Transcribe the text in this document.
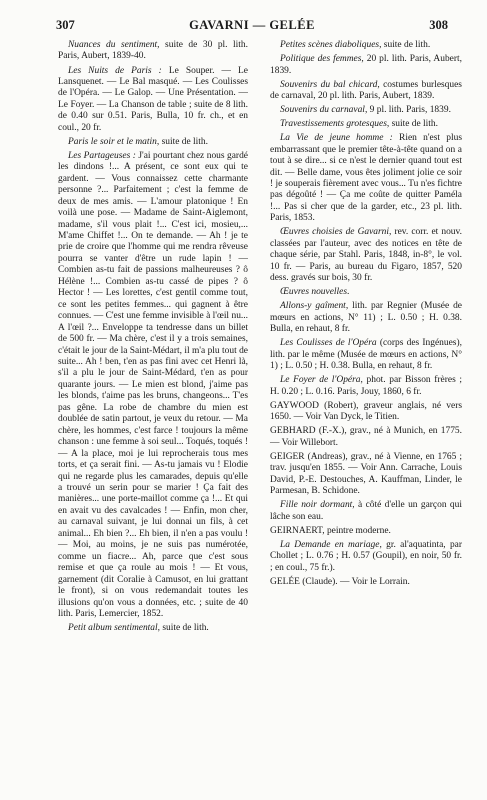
307	GAVARNI — GELÉE	308

Nuances du sentiment, suite de 30 pl. lith. Paris, Aubert, 1839-40.

Les Nuits de Paris : Le Souper. — Le Lansquenet. — Le Bal masqué. — Les Coulisses de l'Opéra. — Le Galop. — Une Présentation. — Le Foyer. — La Chanson de table ; suite de 8 lith. de 0.40 sur 0.51. Paris, Bulla, 10 fr. ch., et en coul., 20 fr.

Paris le soir et le matin, suite de lith.

Les Partageuses : J'ai pourtant chez nous gardé les dindons !... A présent, ce sont eux qui te gardent. — Vous connaissez cette charmante personne ?... Parfaitement ; c'est la femme de deux de mes amis. — L'amour platonique ! En voilà une pose. — Madame de Saint-Aiglemont, madame, s'il vous plait !... C'est ici, mosieu,... M'ame Chiffet !... On te demande. — Ah ! je te prie de croire que l'homme qui me rendra rêveuse pourra se vanter d'être un rude lapin ! — Combien as-tu fait de passions malheureuses ? ô Hélène !... Combien as-tu cassé de pipes ? ô Hector ! — Les lorettes, c'est gentil comme tout, ce sont les petites femmes... qui gagnent à être connues. — C'est une femme invisible à l'œil nu... A l'œil ?... Enveloppe ta tendresse dans un billet de 500 fr. — Ma chère, c'est il y a trois semaines, c'était le jour de la Saint-Médart, il m'a plu tout de suite... Ah ! ben, t'en as pas fini avec cet Henri là, s'il a plu le jour de Saint-Médard, t'en as pour quarante jours. — Le mien est blond, j'aime pas les blonds, t'aime pas les bruns, changeons... T'es pas gêne. La robe de chambre du mien est doublée de satin partout, je veux du retour. — Ma chère, les hommes, c'est farce ! toujours la même chanson : une femme à soi seul... Toqués, toqués ! — A la place, moi je lui reprocherais tous mes torts, et ça serait fini. — As-tu jamais vu ! Elodie qui ne regarde plus les camarades, depuis qu'elle a trouvé un serin pour se marier ! Ça fait des manières... une porte-maillot comme ça !... Et qui en avait vu des cavalcades ! — Enfin, mon cher, au carnaval suivant, je lui donnai un fils, à cet animal... Eh bien ?... Eh bien, il n'en a pas voulu ! — Moi, au moins, je ne suis pas numérotée, comme un fiacre... Ah, parce que c'est sous remise et que ça roule au mois ! — Et vous, garnement (dit Coralie à Camusot, en lui grattant le front), si on vous redemandait toutes les illusions qu'on vous a données, etc. ; suite de 40 lith. Paris, Lemercier, 1852.

Petit album sentimental, suite de lith.

Petites scènes diaboliques, suite de lith.

Politique des femmes, 20 pl. lith. Paris, Aubert, 1839.

Souvenirs du bal chicard, costumes burlesques de carnaval, 20 pl. lith. Paris, Aubert, 1839.

Souvenirs du carnaval, 9 pl. lith. Paris, 1839.

Travestissements grotesques, suite de lith.

La Vie de jeune homme : Rien n'est plus embarrassant que le premier tête-à-tête quand on a tout à se dire... si ce n'est le dernier quand tout est dit. — Belle dame, vous êtes joliment jolie ce soir ! je souperais fièrement avec vous... Tu n'es fichtre pas dégoûté ! — Ça me coûte de quitter Paméla !... Pas si cher que de la garder, etc., 23 pl. lith. Paris, 1853.

Œuvres choisies de Gavarni, rev. corr. et nouv. classées par l'auteur, avec des notices en tête de chaque série, par Stahl. Paris, 1848, in-8°, le vol. 10 fr. — Paris, au bureau du Figaro, 1857, 520 dess. gravés sur bois, 30 fr.

Œuvres nouvelles.

Allons-y gaîment, lith. par Regnier (Musée de mœurs en actions, N° 11) ; L. 0.50 ; H. 0.38. Bulla, en rehaut, 8 fr.

Les Coulisses de l'Opéra (corps des Ingénues), lith. par le même (Musée de mœurs en actions, N° 1) ; L. 0.50 ; H. 0.38. Bulla, en rehaut, 8 fr.

Le Foyer de l'Opéra, phot. par Bisson frères ; H. 0.20 ; L. 0.16. Paris, Jouy, 1860, 6 fr.

GAYWOOD (Robert), graveur anglais, né vers 1650. — Voir Van Dyck, le Titien.

GEBHARD (F.-X.), grav., né à Munich, en 1775. — Voir Willebort.

GEIGER (Andreas), grav., né à Vienne, en 1765 ; trav. jusqu'en 1855. — Voir Ann. Carrache, Louis David, P.-E. Destouches, A. Kauffman, Linder, le Parmesan, B. Schidone.

Fille noir dormant, à côté d'elle un garçon qui lâche son eau.

GEIRNAERT, peintre moderne.

La Demande en mariage, gr. al'aquatinta, par Chollet ; L. 0.76 ; H. 0.57 (Goupil), en noir, 50 fr. ; en coul., 75 fr.).

GELÉE (Claude). — Voir le Lorrain.
